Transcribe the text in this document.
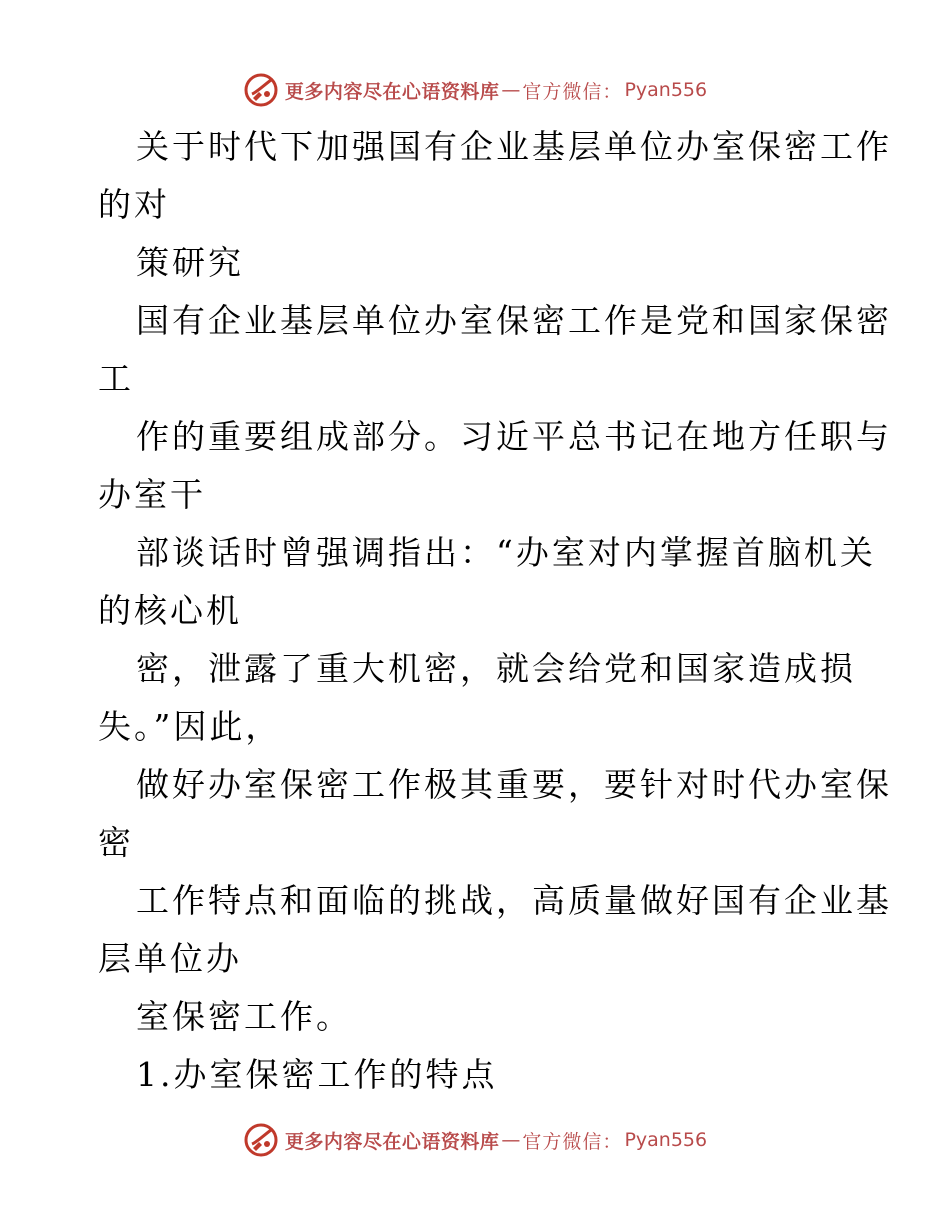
更多内容尽在心语资料库 — 官方微信： Pyan556
关于时代下加强国有企业基层单位办室保密工作
的对
策研究
国有企业基层单位办室保密工作是党和国家保密
工
作的重要组成部分。习近平总书记在地方任职与
办室干
部谈话时曾强调指出：“办室对内掌握首脑机关
的核心机
密，泄露了重大机密，就会给党和国家造成损
失。”因此，
做好办室保密工作极其重要，要针对时代办室保
密
工作特点和面临的挑战，高质量做好国有企业基
层单位办
室保密工作。
1.办室保密工作的特点
更多内容尽在心语资料库 — 官方微信： Pyan556
